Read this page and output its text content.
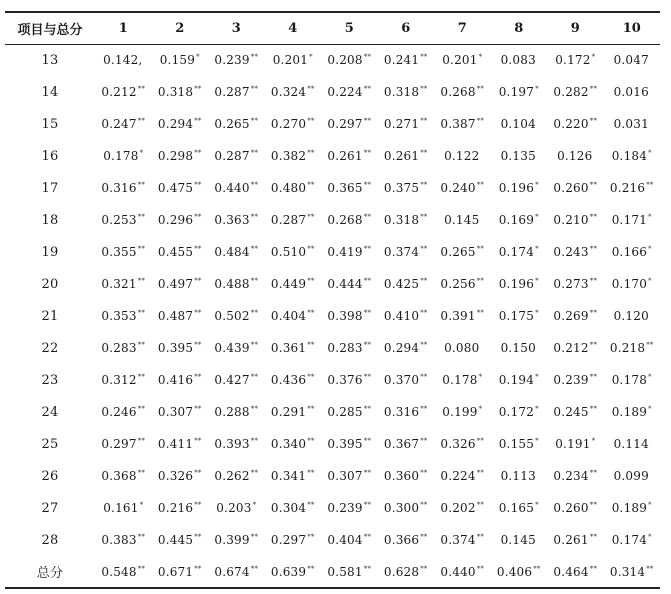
项目与总分	1	2	3	4	5	6	7	8	9	10
13	0.142,	0.159*	0.239**	0.201*	0.208**	0.241**	0.201*	0.083	0.172*	0.047
14	0.212**	0.318**	0.287**	0.324**	0.224**	0.318**	0.268**	0.197*	0.282**	0.016
15	0.247**	0.294**	0.265**	0.270**	0.297**	0.271**	0.387**	0.104	0.220**	0.031
16	0.178*	0.298**	0.287**	0.382**	0.261**	0.261**	0.122	0.135	0.126	0.184*
17	0.316**	0.475**	0.440**	0.480**	0.365**	0.375**	0.240**	0.196*	0.260**	0.216**
18	0.253**	0.296**	0.363**	0.287**	0.268**	0.318**	0.145	0.169*	0.210**	0.171*
19	0.355**	0.455**	0.484**	0.510**	0.419**	0.374**	0.265**	0.174*	0.243**	0.166*
20	0.321**	0.497**	0.488**	0.449**	0.444**	0.425**	0.256**	0.196*	0.273**	0.170*
21	0.353**	0.487**	0.502**	0.404**	0.398**	0.410**	0.391**	0.175*	0.269**	0.120
22	0.283**	0.395**	0.439**	0.361**	0.283**	0.294**	0.080	0.150	0.212**	0.218**
23	0.312**	0.416**	0.427**	0.436**	0.376**	0.370**	0.178*	0.194*	0.239**	0.178*
24	0.246**	0.307**	0.288**	0.291**	0.285**	0.316**	0.199*	0.172*	0.245**	0.189*
25	0.297**	0.411**	0.393**	0.340**	0.395**	0.367**	0.326**	0.155*	0.191*	0.114
26	0.368**	0.326**	0.262**	0.341**	0.307**	0.360**	0.224**	0.113	0.234**	0.099
27	0.161*	0.216**	0.203*	0.304**	0.239**	0.300**	0.202**	0.165*	0.260**	0.189*
28	0.383**	0.445**	0.399**	0.297**	0.404**	0.366**	0.374**	0.145	0.261**	0.174*
总分	0.548**	0.671**	0.674**	0.639**	0.581**	0.628**	0.440**	0.406**	0.464**	0.314**
